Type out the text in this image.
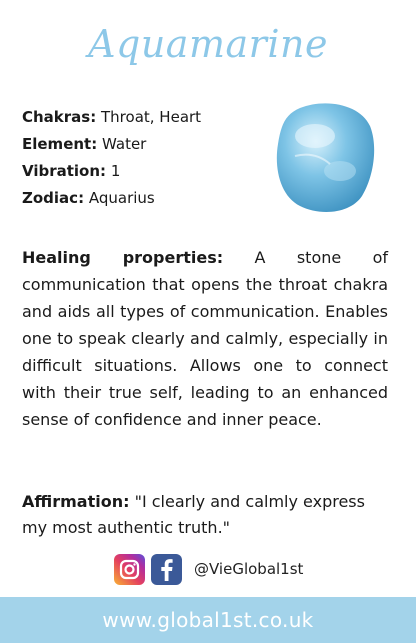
Aquamarine
Chakras: Throat, Heart
Element: Water
Vibration: 1
Zodiac: Aquarius
Healing properties: A stone of communication that opens the throat chakra and aids all types of communication. Enables one to speak clearly and calmly, especially in difficult situations. Allows one to connect with their true self, leading to an enhanced sense of confidence and inner peace.
Affirmation: "I clearly and calmly express my most authentic truth."
@VieGlobal1st
www.global1st.co.uk
